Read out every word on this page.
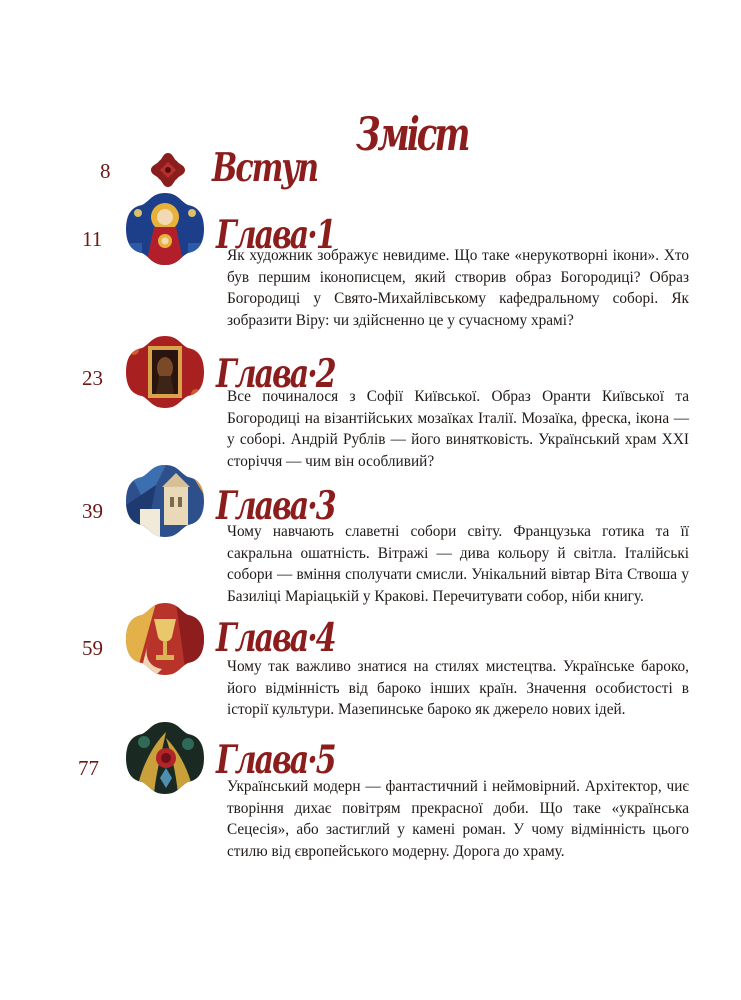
Зміст
8	Вступ
11	Глава·1
Як художник зображує невидиме. Що таке «нерукотворні ікони». Хто був першим іконописцем, який створив образ Богородиці? Образ Богородиці у Свято-Михайлівському кафедральному соборі. Як зобразити Віру: чи здійсненно це у сучасному храмі?
23	Глава·2
Все починалося з Софії Київської. Образ Оранти Київської та Богородиці на візантійських мозаїках Італії. Мозаїка, фреска, ікона — у соборі. Андрій Рублів — його винятковість. Український храм XXI сторіччя — чим він особливий?
39	Глава·3
Чому навчають славетні собори світу. Французька готика та її сакральна ошатність. Вітражі — дива кольору й світла. Італійські собори — вміння сполучати смисли. Унікальний вівтар Віта Ствоша у Базиліці Маріацькій у Кракові. Перечитувати собор, ніби книгу.
59	Глава·4
Чому так важливо знатися на стилях мистецтва. Українське бароко, його відмінність від бароко інших країн. Значення особистості в історії культури. Мазепинське бароко як джерело нових ідей.
77	Глава·5
Український модерн — фантастичний і неймовірний. Архітектор, чиє творіння дихає повітрям прекрасної доби. Що таке «українська Сецесія», або застиглий у камені роман. У чому відмінність цього стилю від європейського модерну. Дорога до храму.
